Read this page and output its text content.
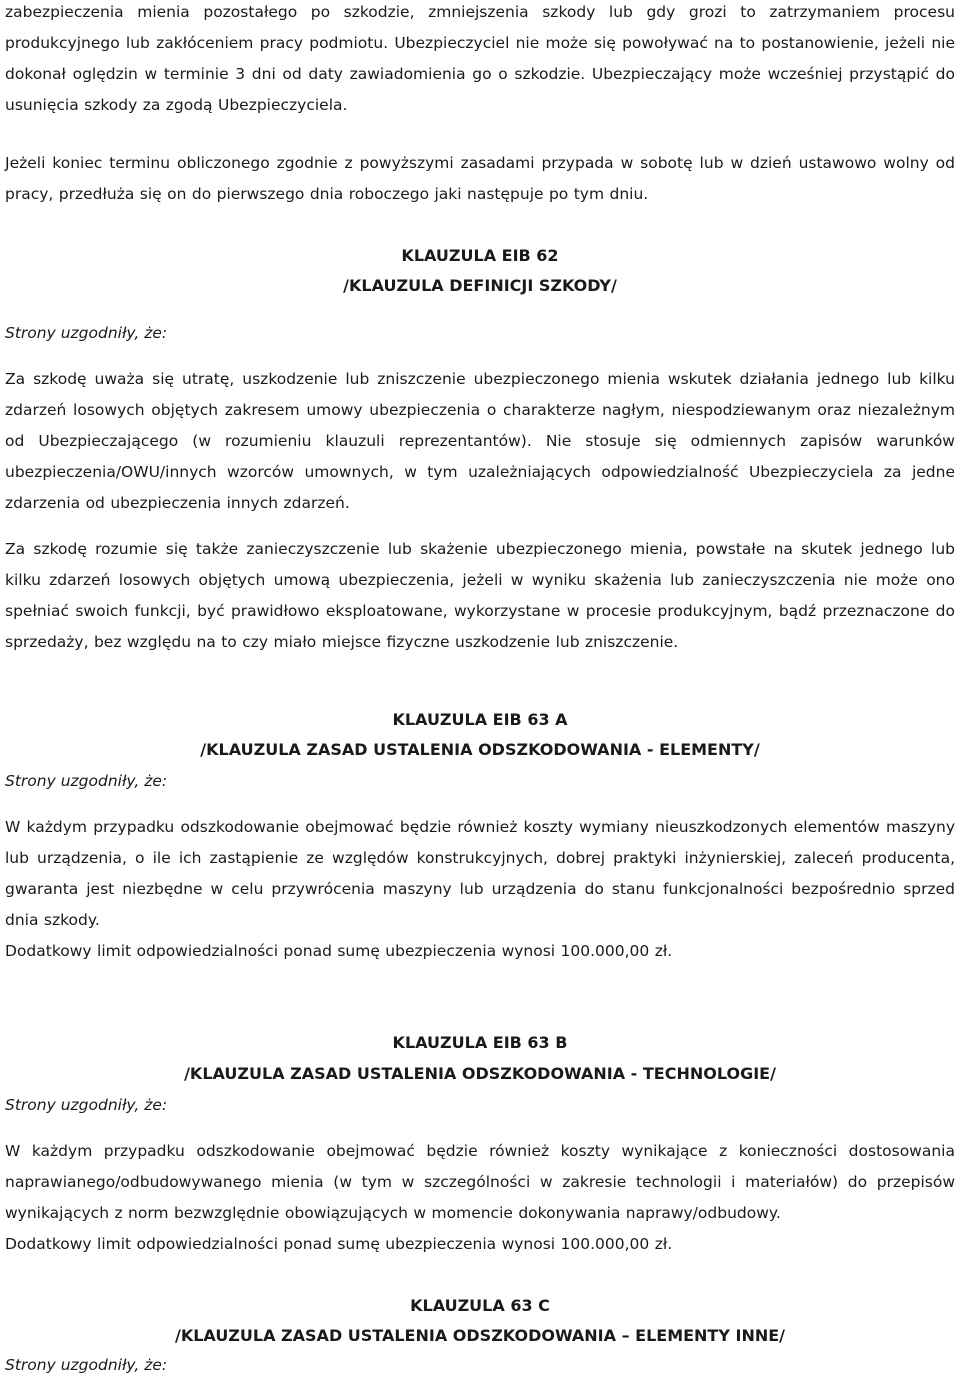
zabezpieczenia mienia pozostałego po szkodzie, zmniejszenia szkody lub gdy grozi to zatrzymaniem procesu produkcyjnego lub zakłóceniem pracy podmiotu. Ubezpieczyciel nie może się powoływać na to postanowienie, jeżeli nie dokonał oględzin w terminie 3 dni od daty zawiadomienia go o szkodzie. Ubezpieczający może wcześniej przystąpić do usunięcia szkody za zgodą Ubezpieczyciela.

Jeżeli koniec terminu obliczonego zgodnie z powyższymi zasadami przypada w sobotę lub w dzień ustawowo wolny od pracy, przedłuża się on do pierwszego dnia roboczego jaki następuje po tym dniu.

KLAUZULA EIB 62
/KLAUZULA DEFINICJI SZKODY/

Strony uzgodniły, że:

Za szkodę uważa się utratę, uszkodzenie lub zniszczenie ubezpieczonego mienia wskutek działania jednego lub kilku zdarzeń losowych objętych zakresem umowy ubezpieczenia o charakterze nagłym, niespodziewanym oraz niezależnym od Ubezpieczającego (w rozumieniu klauzuli reprezentantów). Nie stosuje się odmiennych zapisów warunków ubezpieczenia/OWU/innych wzorców umownych, w tym uzależniających odpowiedzialność Ubezpieczyciela za jedne zdarzenia od ubezpieczenia innych zdarzeń.

Za szkodę rozumie się także zanieczyszczenie lub skażenie ubezpieczonego mienia, powstałe na skutek jednego lub kilku zdarzeń losowych objętych umową ubezpieczenia, jeżeli w wyniku skażenia lub zanieczyszczenia nie może ono spełniać swoich funkcji, być prawidłowo eksploatowane, wykorzystane w procesie produkcyjnym, bądź przeznaczone do sprzedaży, bez względu na to czy miało miejsce fizyczne uszkodzenie lub zniszczenie.

KLAUZULA EIB 63 A
/KLAUZULA ZASAD USTALENIA ODSZKODOWANIA - ELEMENTY/

Strony uzgodniły, że:

W każdym przypadku odszkodowanie obejmować będzie również koszty wymiany nieuszkodzonych elementów maszyny lub urządzenia, o ile ich zastąpienie ze względów konstrukcyjnych, dobrej praktyki inżynierskiej, zaleceń producenta, gwaranta jest niezbędne w celu przywrócenia maszyny lub urządzenia do stanu funkcjonalności bezpośrednio sprzed dnia szkody.

Dodatkowy limit odpowiedzialności ponad sumę ubezpieczenia wynosi 100.000,00 zł.

KLAUZULA EIB 63 B
/KLAUZULA ZASAD USTALENIA ODSZKODOWANIA - TECHNOLOGIE/

Strony uzgodniły, że:

W każdym przypadku odszkodowanie obejmować będzie również koszty wynikające z konieczności dostosowania naprawianego/odbudowywanego mienia (w tym w szczególności w zakresie technologii i materiałów) do przepisów wynikających z norm bezwzględnie obowiązujących w momencie dokonywania naprawy/odbudowy.

Dodatkowy limit odpowiedzialności ponad sumę ubezpieczenia wynosi 100.000,00 zł.

KLAUZULA 63 C
/KLAUZULA ZASAD USTALENIA ODSZKODOWANIA – ELEMENTY INNE/

Strony uzgodniły, że:
